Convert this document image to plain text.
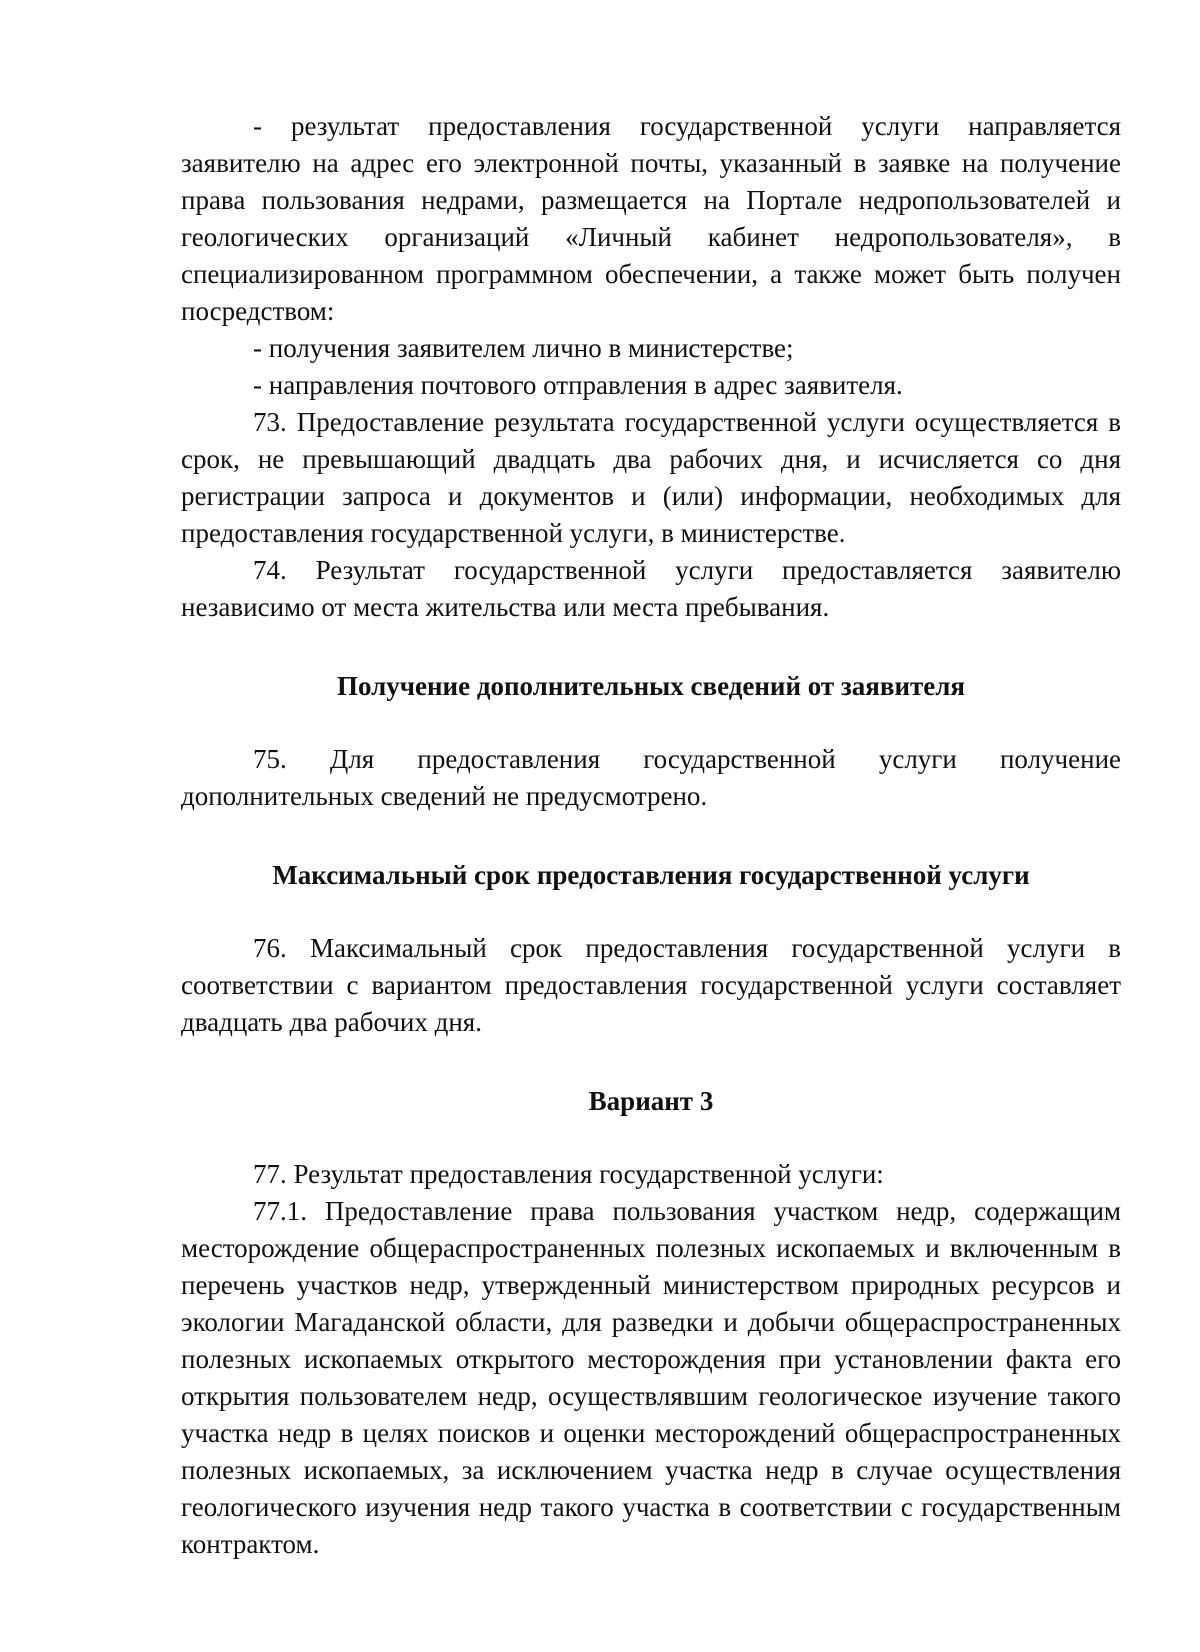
- результат предоставления государственной услуги направляется заявителю на адрес его электронной почты, указанный в заявке на получение права пользования недрами, размещается на Портале недропользователей и геологических организаций «Личный кабинет недропользователя», в специализированном программном обеспечении, а также может быть получен посредством:

- получения заявителем лично в министерстве;

- направления почтового отправления в адрес заявителя.

73. Предоставление результата государственной услуги осуществляется в срок, не превышающий двадцать два рабочих дня, и исчисляется со дня регистрации запроса и документов и (или) информации, необходимых для предоставления государственной услуги, в министерстве.

74. Результат государственной услуги предоставляется заявителю независимо от места жительства или места пребывания.

Получение дополнительных сведений от заявителя

75. Для предоставления государственной услуги получение дополнительных сведений не предусмотрено.

Максимальный срок предоставления государственной услуги

76. Максимальный срок предоставления государственной услуги в соответствии с вариантом предоставления государственной услуги составляет двадцать два рабочих дня.

Вариант 3

77. Результат предоставления государственной услуги:

77.1. Предоставление права пользования участком недр, содержащим месторождение общераспространенных полезных ископаемых и включенным в перечень участков недр, утвержденный министерством природных ресурсов и экологии Магаданской области, для разведки и добычи общераспространенных полезных ископаемых открытого месторождения при установлении факта его открытия пользователем недр, осуществлявшим геологическое изучение такого участка недр в целях поисков и оценки месторождений общераспространенных полезных ископаемых, за исключением участка недр в случае осуществления геологического изучения недр такого участка в соответствии с государственным контрактом.
